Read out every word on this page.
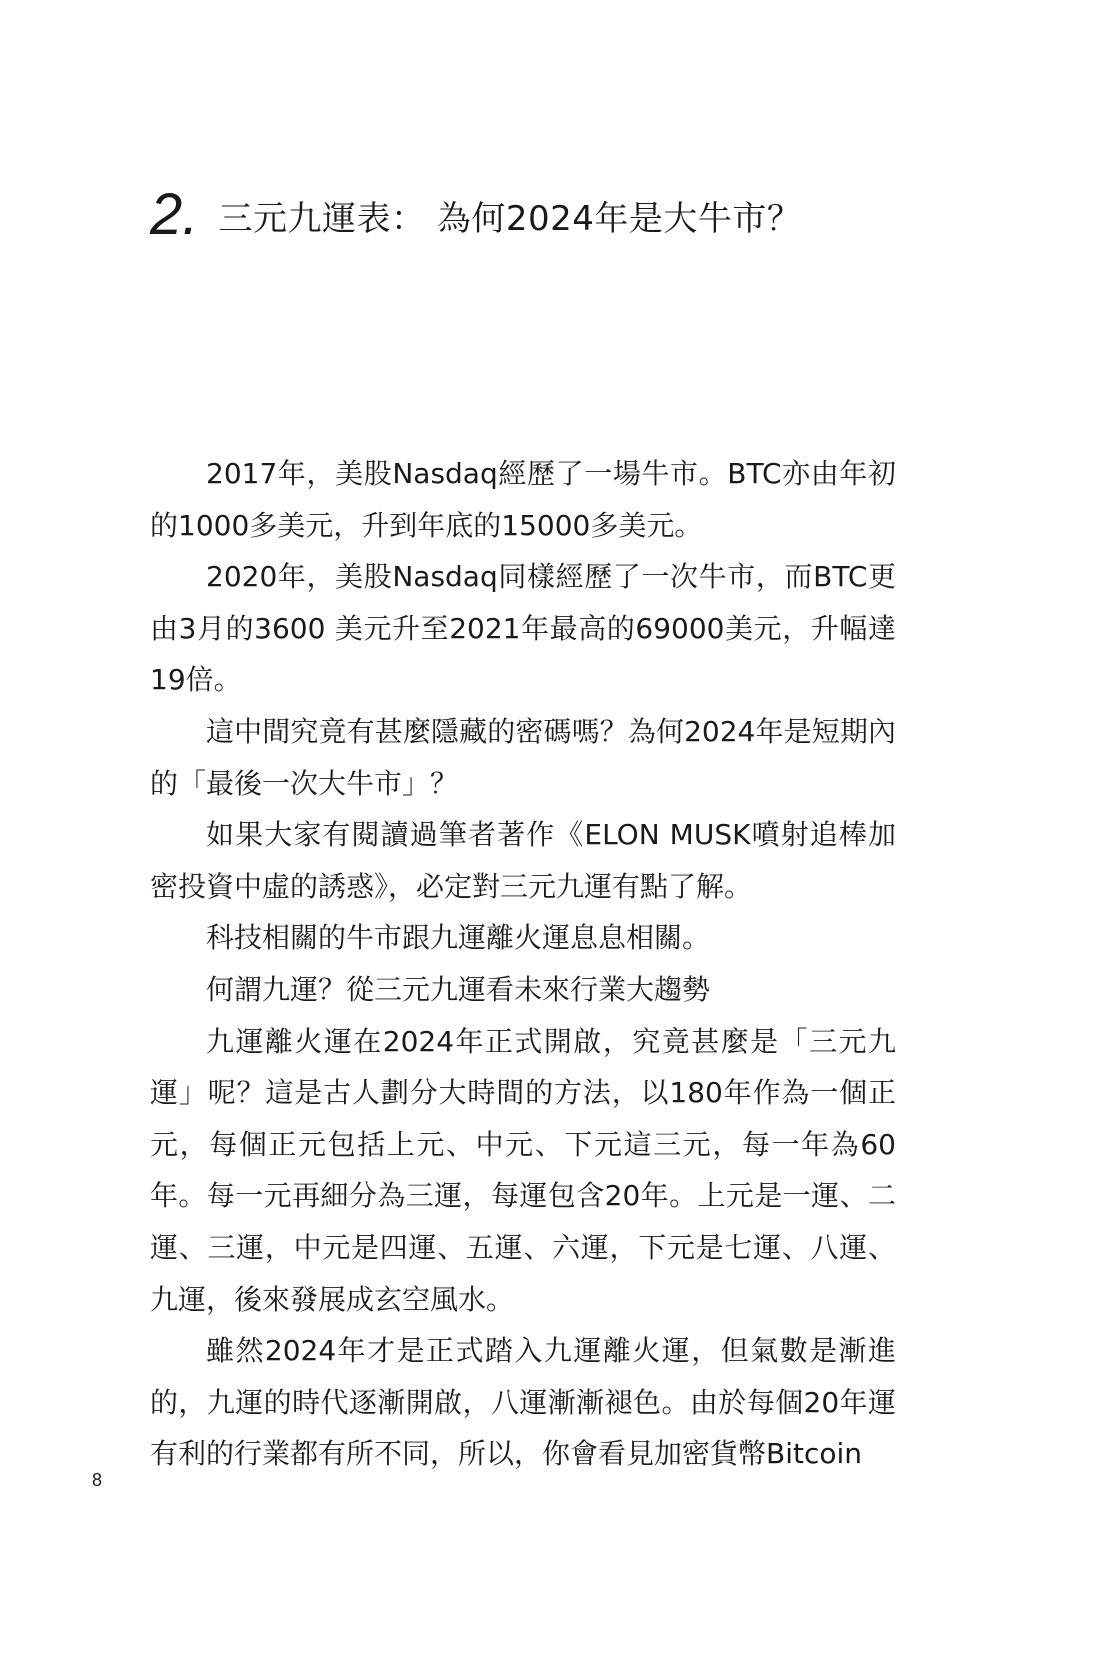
2. 三元九運表： 為何2024年是大牛市？

2017年，美股Nasdaq經歷了一場牛市。BTC亦由年初的1000多美元，升到年底的15000多美元。

2020年，美股Nasdaq同樣經歷了一次牛市，而BTC更由3月的3600 美元升至2021年最高的69000美元，升幅達19倍。

這中間究竟有甚麼隱藏的密碼嗎？為何2024年是短期內的「最後一次大牛市」？

如果大家有閱讀過筆者著作《ELON MUSK噴射追棒加密投資中虛的誘惑》，必定對三元九運有點了解。

科技相關的牛市跟九運離火運息息相關。

何謂九運？從三元九運看未來行業大趨勢

九運離火運在2024年正式開啟，究竟甚麼是「三元九運」呢？這是古人劃分大時間的方法，以180年作為一個正元，每個正元包括上元、中元、下元這三元，每一年為60年。每一元再細分為三運，每運包含20年。上元是一運、二運、三運，中元是四運、五運、六運，下元是七運、八運、九運，後來發展成玄空風水。

雖然2024年才是正式踏入九運離火運，但氣數是漸進的，九運的時代逐漸開啟，八運漸漸褪色。由於每個20年運有利的行業都有所不同，所以，你會看見加密貨幣Bitcoin

8
